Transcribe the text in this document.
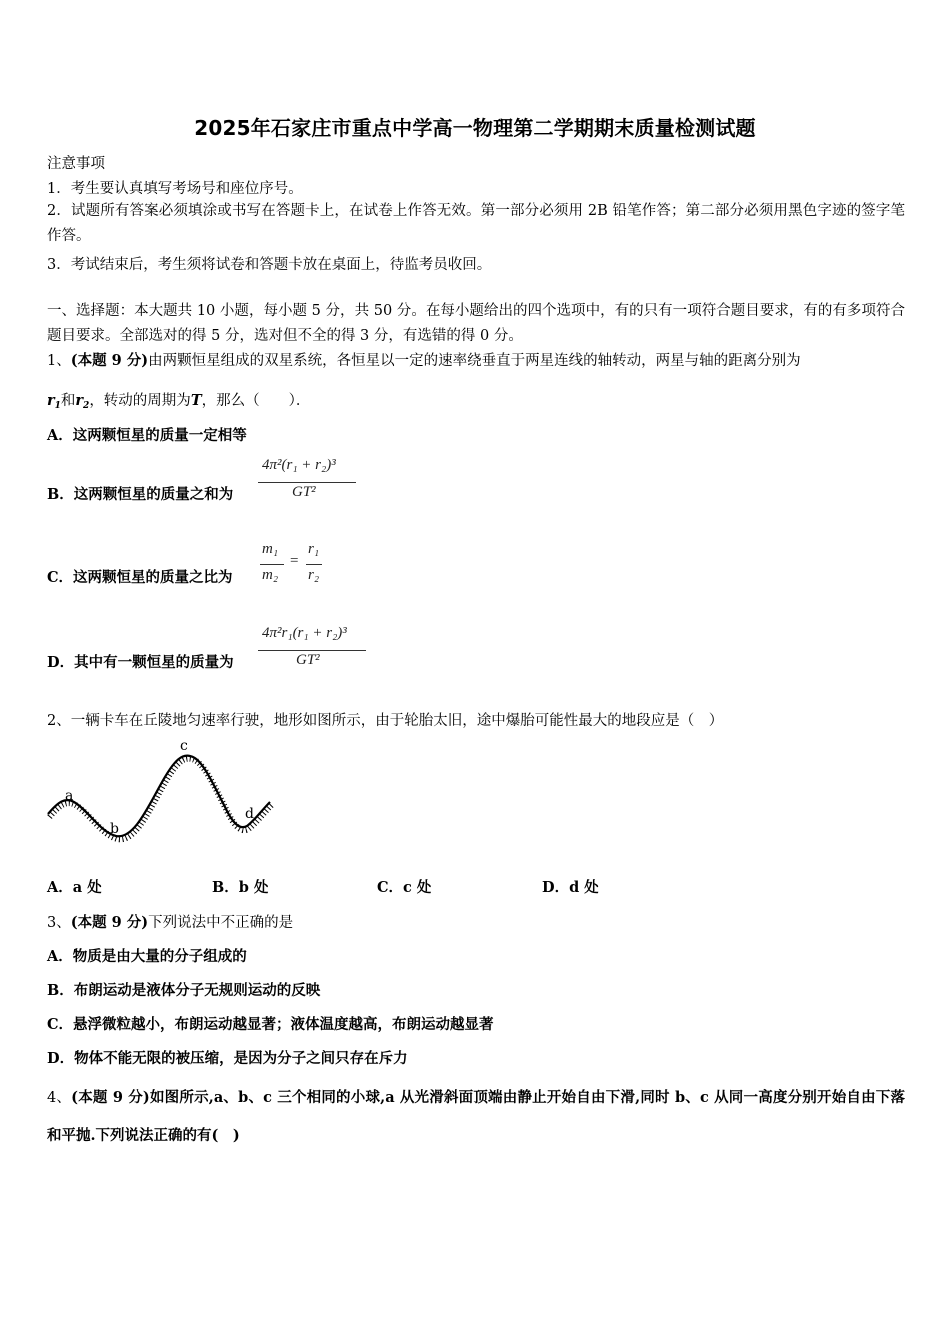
2025年石家庄市重点中学高一物理第二学期期末质量检测试题
注意事项
1．考生要认真填写考场号和座位序号。
2．试题所有答案必须填涂或书写在答题卡上，在试卷上作答无效。第一部分必须用 2B 铅笔作答；第二部分必须用黑色字迹的签字笔作答。
3．考试结束后，考生须将试卷和答题卡放在桌面上，待监考员收回。
一、选择题：本大题共 10 小题，每小题 5 分，共 50 分。在每小题给出的四个选项中，有的只有一项符合题目要求，有的有多项符合题目要求。全部选对的得 5 分，选对但不全的得 3 分，有选错的得 0 分。
1、(本题 9 分)由两颗恒星组成的双星系统，各恒星以一定的速率绕垂直于两星连线的轴转动，两星与轴的距离分别为
$r_1$和$r_2$，转动的周期为T，那么（　　）．
A．这两颗恒星的质量一定相等
B．这两颗恒星的质量之和为
4π²(r₁ + r₂)³
GT²
C．这两颗恒星的质量之比为
m₁
m₂
=
r₁
r₂
D．其中有一颗恒星的质量为
4π²r₁(r₁ + r₂)³
GT²
2、一辆卡车在丘陵地匀速率行驶，地形如图所示，由于轮胎太旧，途中爆胎可能性最大的地段应是（　）
a
b
c
d
A．a 处	B．b 处	C．c 处	D．d 处
3、(本题 9 分)下列说法中不正确的是
A．物质是由大量的分子组成的
B．布朗运动是液体分子无规则运动的反映
C．悬浮微粒越小，布朗运动越显著；液体温度越高，布朗运动越显著
D．物体不能无限的被压缩，是因为分子之间只存在斥力
4、(本题 9 分)如图所示,a、b、c 三个相同的小球,a 从光滑斜面顶端由静止开始自由下滑,同时 b、c 从同一高度分别开始自由下落和平抛.下列说法正确的有(　)
